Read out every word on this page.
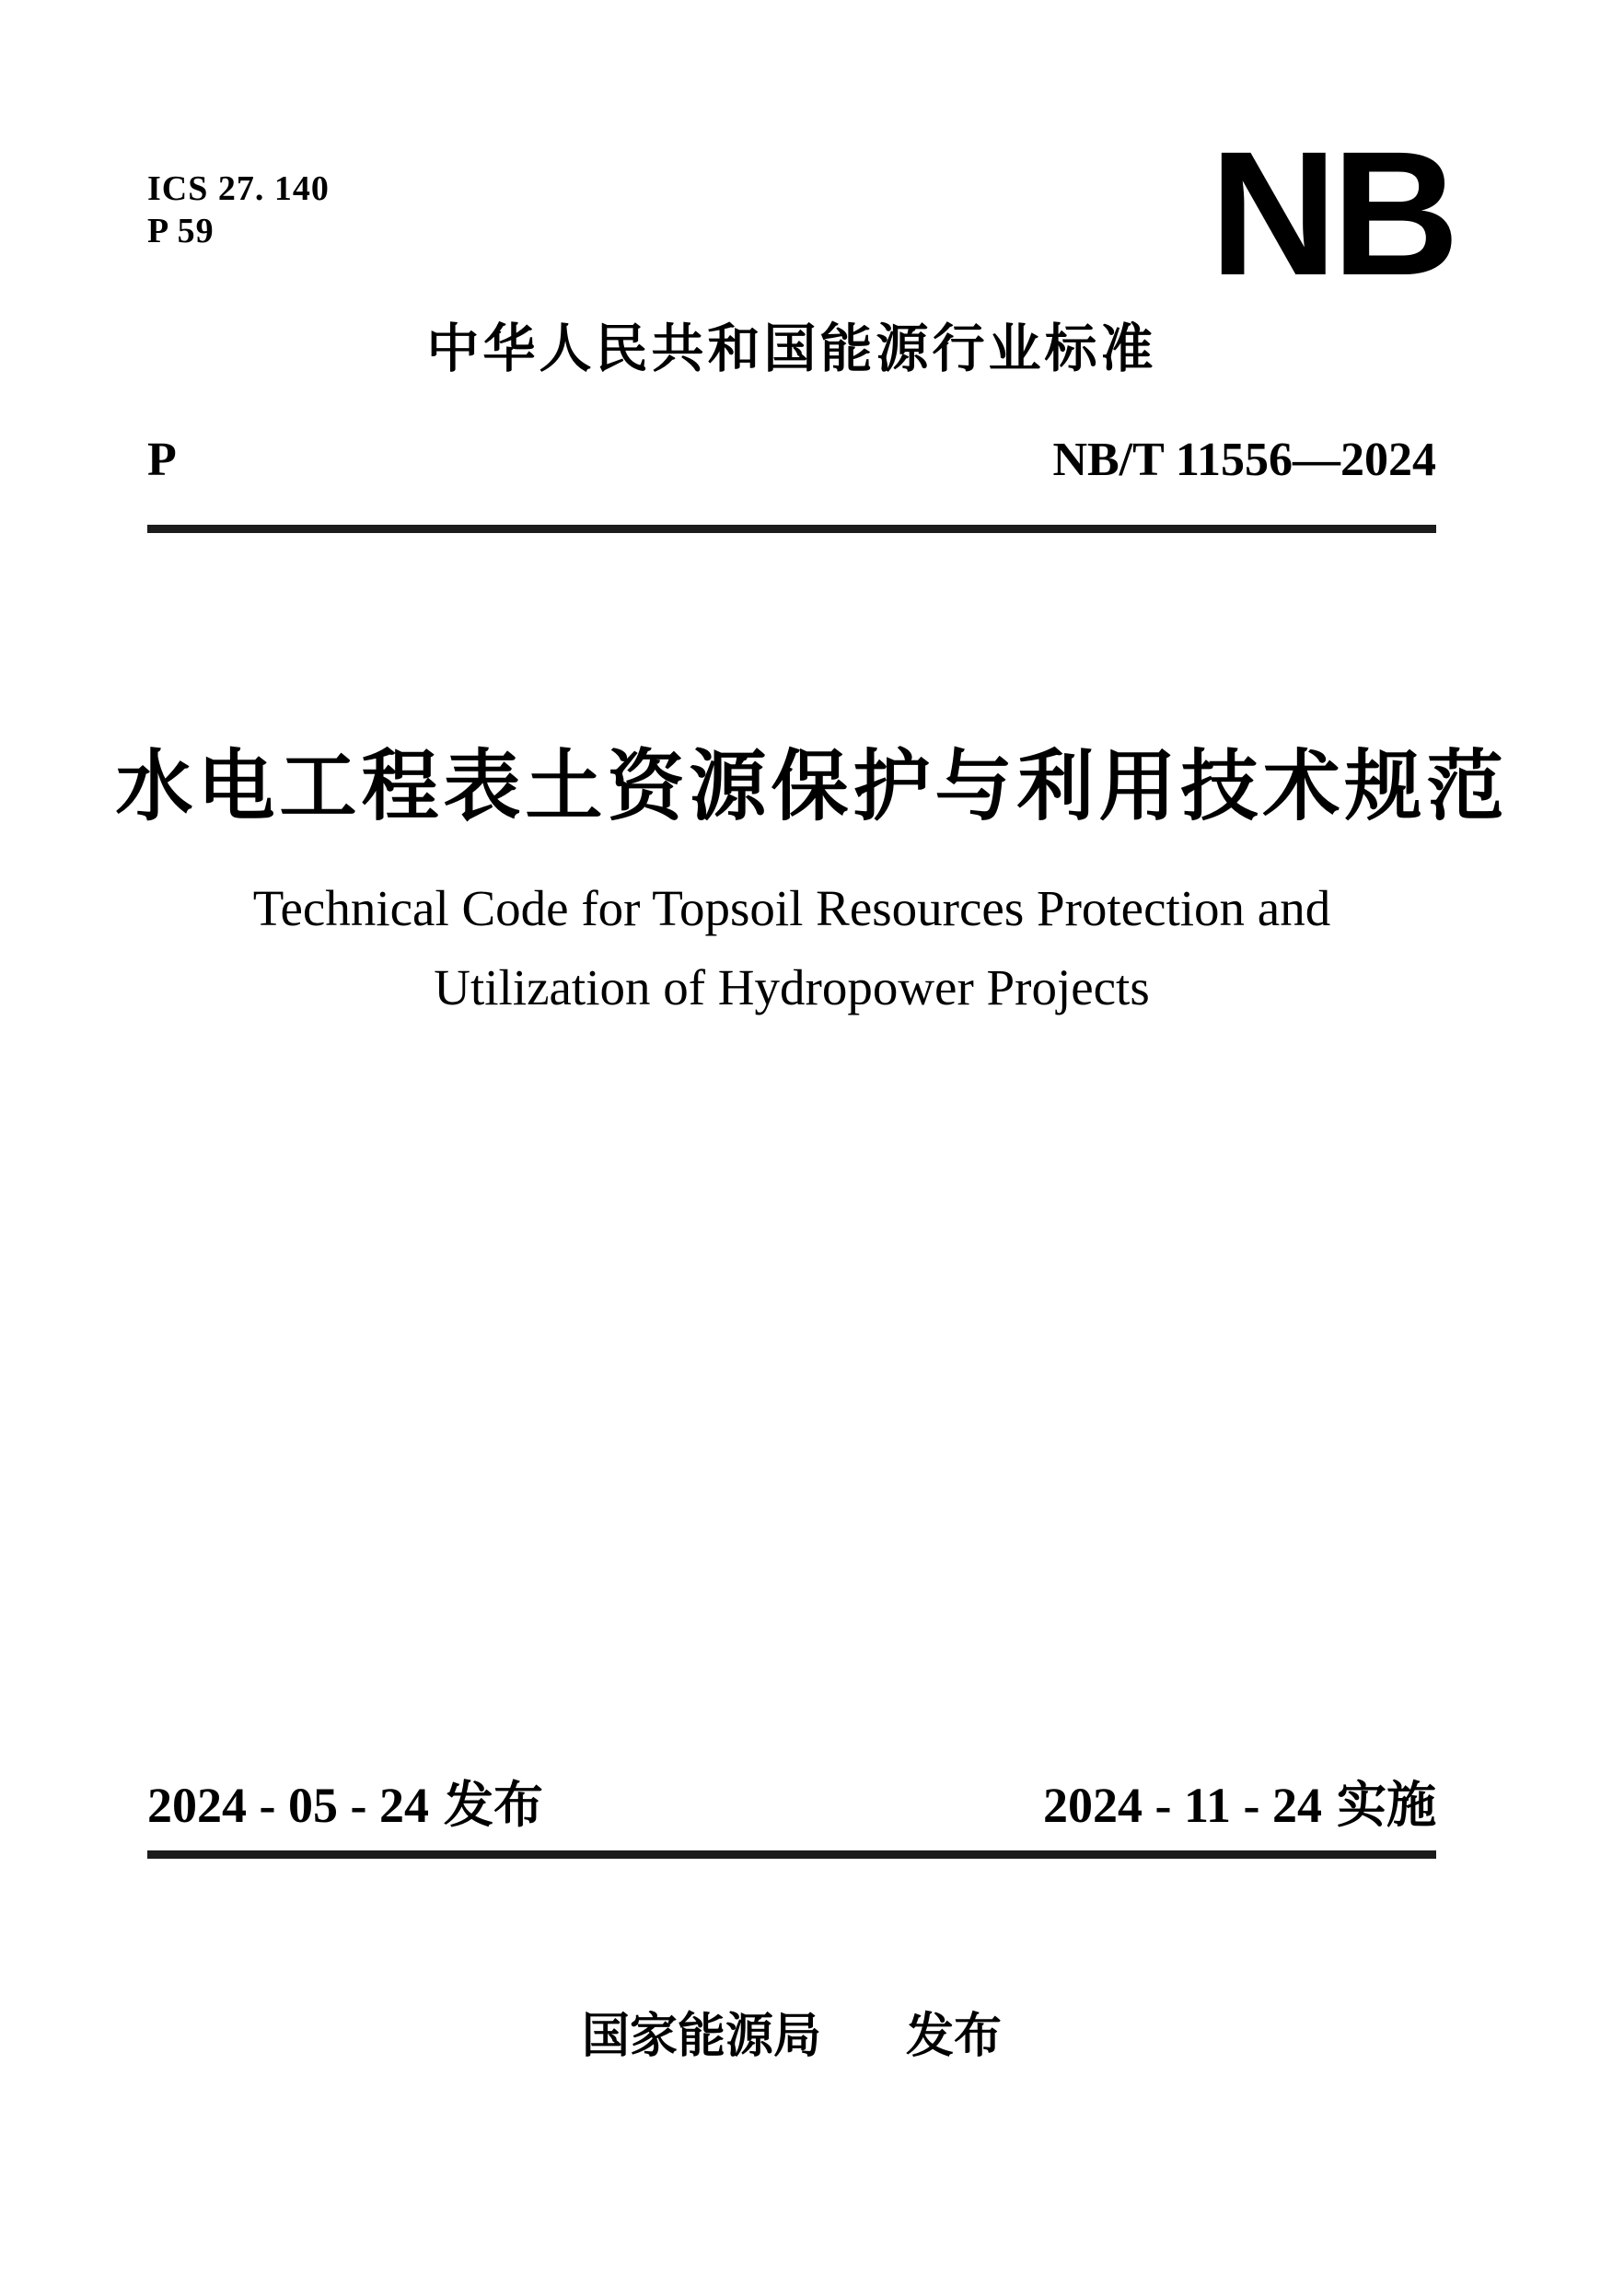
ICS 27. 140
P 59	NB
中华人民共和国能源行业标准
P	NB/T 11556—2024
水电工程表土资源保护与利用技术规范
Technical Code for Topsoil Resources Protection and
Utilization of Hydropower Projects
2024 - 05 - 24 发布	2024 - 11 - 24 实施
国家能源局 发布
